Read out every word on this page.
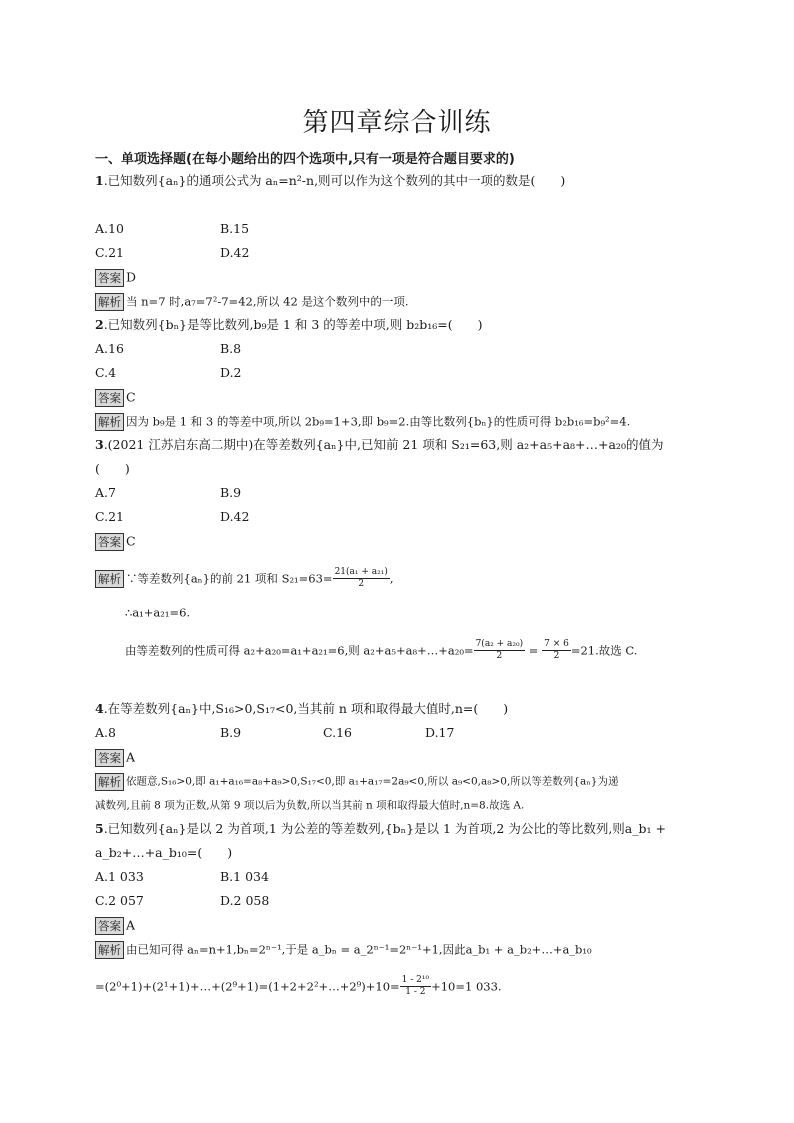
第四章综合训练
一、单项选择题(在每小题给出的四个选项中,只有一项是符合题目要求的)
1.已知数列{aₙ}的通项公式为 aₙ=n²-n,则可以作为这个数列的其中一项的数是(　　)
A.10	B.15
C.21	D.42
答案 D
解析 当 n=7 时,a₇=7²-7=42,所以 42 是这个数列中的一项.
2.已知数列{bₙ}是等比数列,b₉是 1 和 3 的等差中项,则 b₂b₁₆=(　　)
A.16	B.8
C.4	D.2
答案 C
解析 因为 b₉是 1 和 3 的等差中项,所以 2b₉=1+3,即 b₉=2.由等比数列{bₙ}的性质可得 b₂b₁₆=b₉²=4.
3.(2021 江苏启东高二期中)在等差数列{aₙ}中,已知前 21 项和 S₂₁=63,则 a₂+a₅+a₈+…+a₂₀的值为
(　　)
A.7	B.9
C.21	D.42
答案 C
解析 ∵等差数列{aₙ}的前 21 项和 $S_{21}=63= \frac{\text{21(a₁ + a₂₁)}}{2}$ ,
∴a₁+a₂₁=6.
由等差数列的性质可得 a₂+a₂₀=a₁+a₂₁=6,则 a₂+a₅+a₈+…+a₂₀= $\frac{\text{7(a₂ + a₂₀)}}{2} = \frac{7 \times 6}{2} =21$.故选 C.
4.在等差数列{aₙ}中,S₁₆>0,S₁₇<0,当其前 n 项和取得最大值时,n=(　　)
A.8	B.9	C.16	D.17
答案 A
解析 依题意,S₁₆>0,即 a₁+a₁₆=a₈+a₉>0,S₁₇<0,即 a₁+a₁₇=2a₉<0,所以 a₉<0,a₈>0,所以等差数列{aₙ}为递
减数列,且前 8 项为正数,从第 9 项以后为负数,所以当其前 n 项和取得最大值时,n=8.故选 A.
5.已知数列{aₙ}是以 2 为首项,1 为公差的等差数列,{bₙ}是以 1 为首项,2 为公比的等比数列,则a_b₁ +
a_b₂+…+a_b₁₀=(　　)
A.1 033	B.1 034
C.2 057	D.2 058
答案 A
解析 由已知可得 aₙ=n+1,bₙ=2ⁿ⁻¹,于是 a_bₙ = a_2ⁿ⁻¹=2ⁿ⁻¹+1,因此a_b₁ + a_b₂+…+a_b₁₀
=(2⁰+1)+(2¹+1)+…+(2⁹+1)=(1+2+2²+…+2⁹)+10= $\frac{\text{1 - 2¹⁰}}{1 - 2} +10=1$ 033.
